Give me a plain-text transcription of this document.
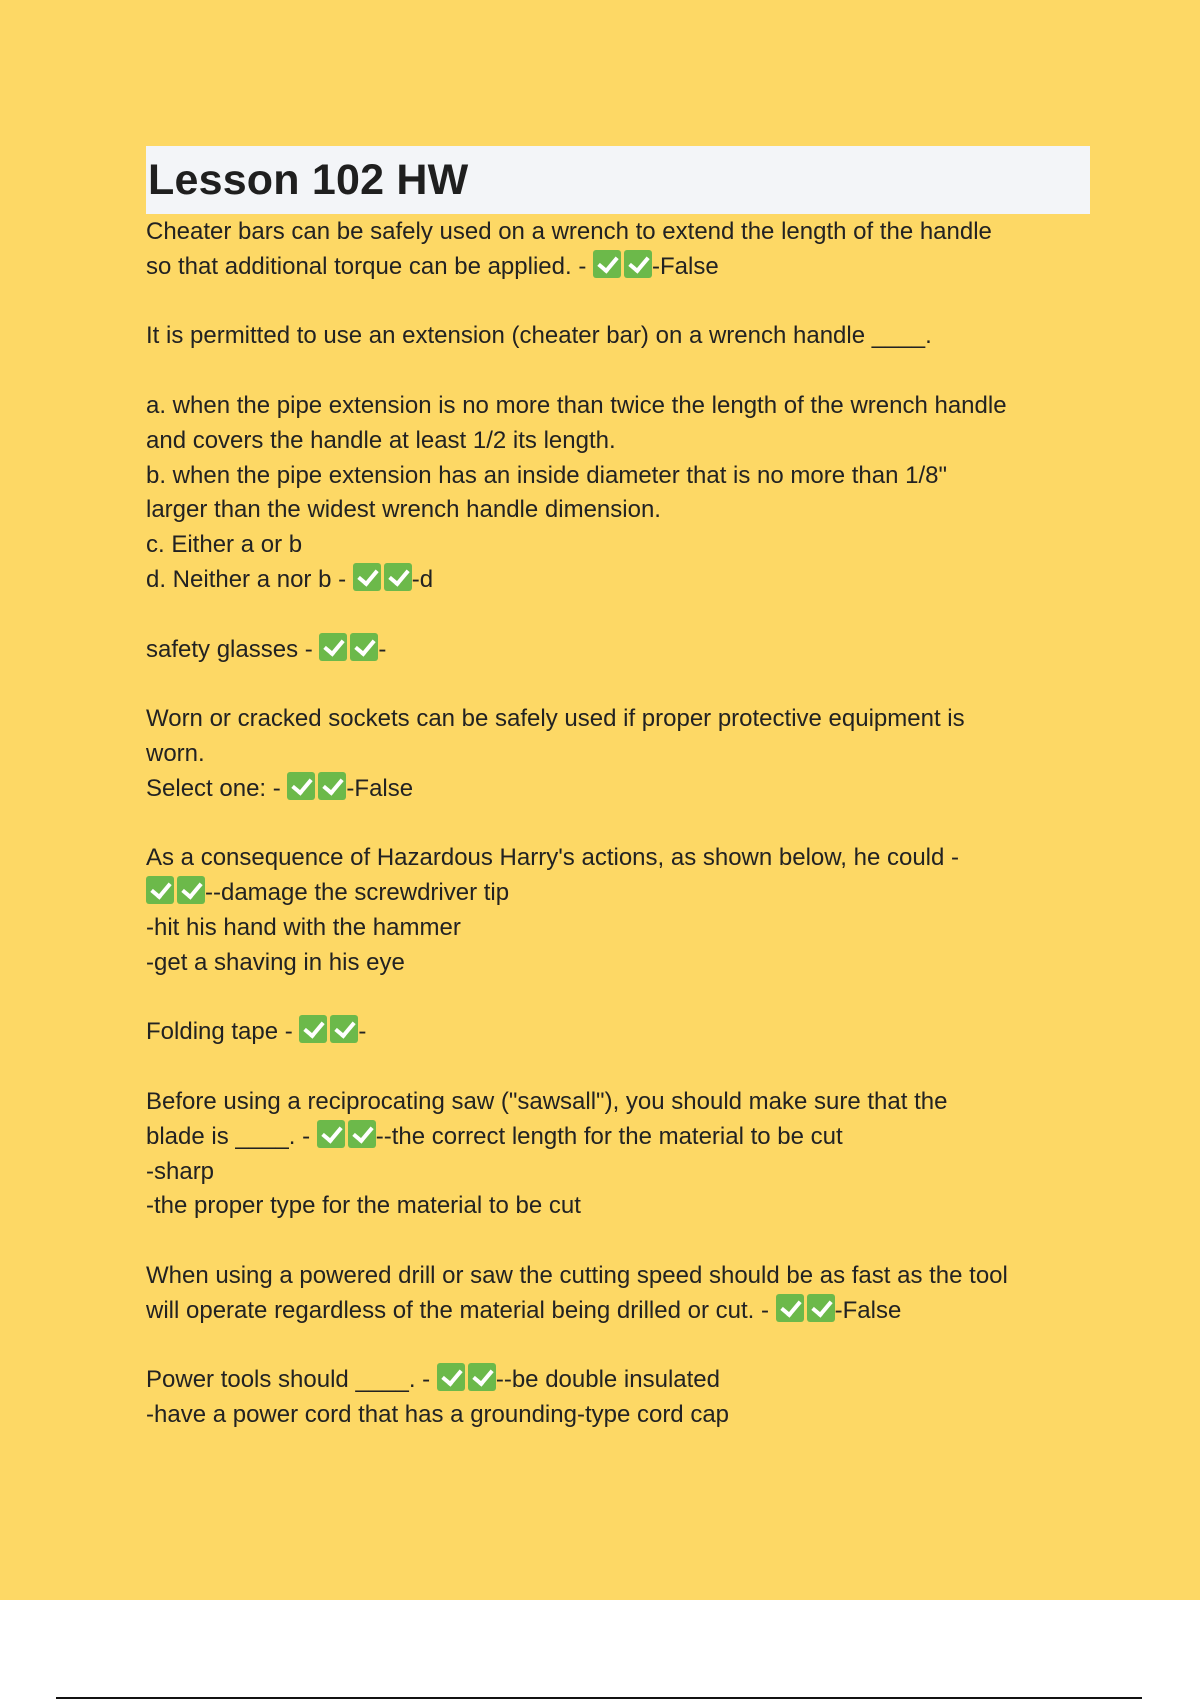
Lesson 102 HW
Cheater bars can be safely used on a wrench to extend the length of the handle
so that additional torque can be applied. -
-False
It is permitted to use an extension (cheater bar) on a wrench handle ____.
a. when the pipe extension is no more than twice the length of the wrench handle
and covers the handle at least 1/2 its length.
b. when the pipe extension has an inside diameter that is no more than 1/8"
larger than the widest wrench handle dimension.
c. Either a or b
d. Neither a nor b -
-d
safety glasses -
-
Worn or cracked sockets can be safely used if proper protective equipment is
worn.
Select one: -
-False
As a consequence of Hazardous Harry's actions, as shown below, he could -
--damage the screwdriver tip
-hit his hand with the hammer
-get a shaving in his eye
Folding tape -
-
Before using a reciprocating saw ("sawsall"), you should make sure that the
blade is ____. -
--the correct length for the material to be cut
-sharp
-the proper type for the material to be cut
When using a powered drill or saw the cutting speed should be as fast as the tool
will operate regardless of the material being drilled or cut. -
-False
Power tools should ____. -
--be double insulated
-have a power cord that has a grounding-type cord cap
